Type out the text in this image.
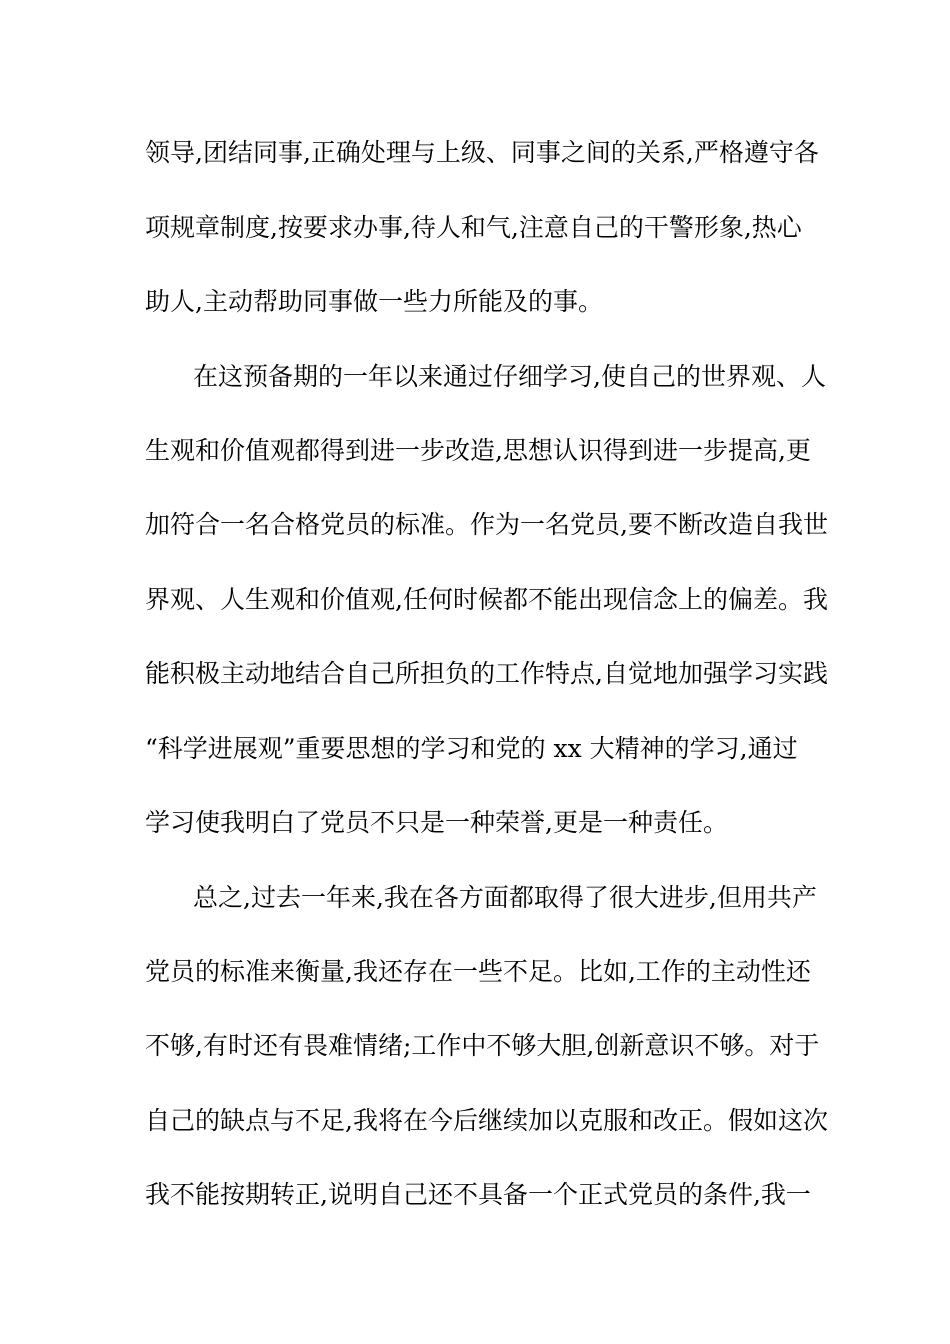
领导,团结同事,正确处理与上级、同事之间的关系,严格遵守各
项规章制度,按要求办事,待人和气,注意自己的干警形象,热心
助人,主动帮助同事做一些力所能及的事。
在这预备期的一年以来通过仔细学习,使自己的世界观、人
生观和价值观都得到进一步改造,思想认识得到进一步提高,更
加符合一名合格党员的标准。作为一名党员,要不断改造自我世
界观、人生观和价值观,任何时候都不能出现信念上的偏差。我
能积极主动地结合自己所担负的工作特点,自觉地加强学习实践
“科学进展观”重要思想的学习和党的 xx 大精神的学习,通过
学习使我明白了党员不只是一种荣誉,更是一种责任。
总之,过去一年来,我在各方面都取得了很大进步,但用共产
党员的标准来衡量,我还存在一些不足。比如,工作的主动性还
不够,有时还有畏难情绪;工作中不够大胆,创新意识不够。对于
自己的缺点与不足,我将在今后继续加以克服和改正。假如这次
我不能按期转正,说明自己还不具备一个正式党员的条件,我一
